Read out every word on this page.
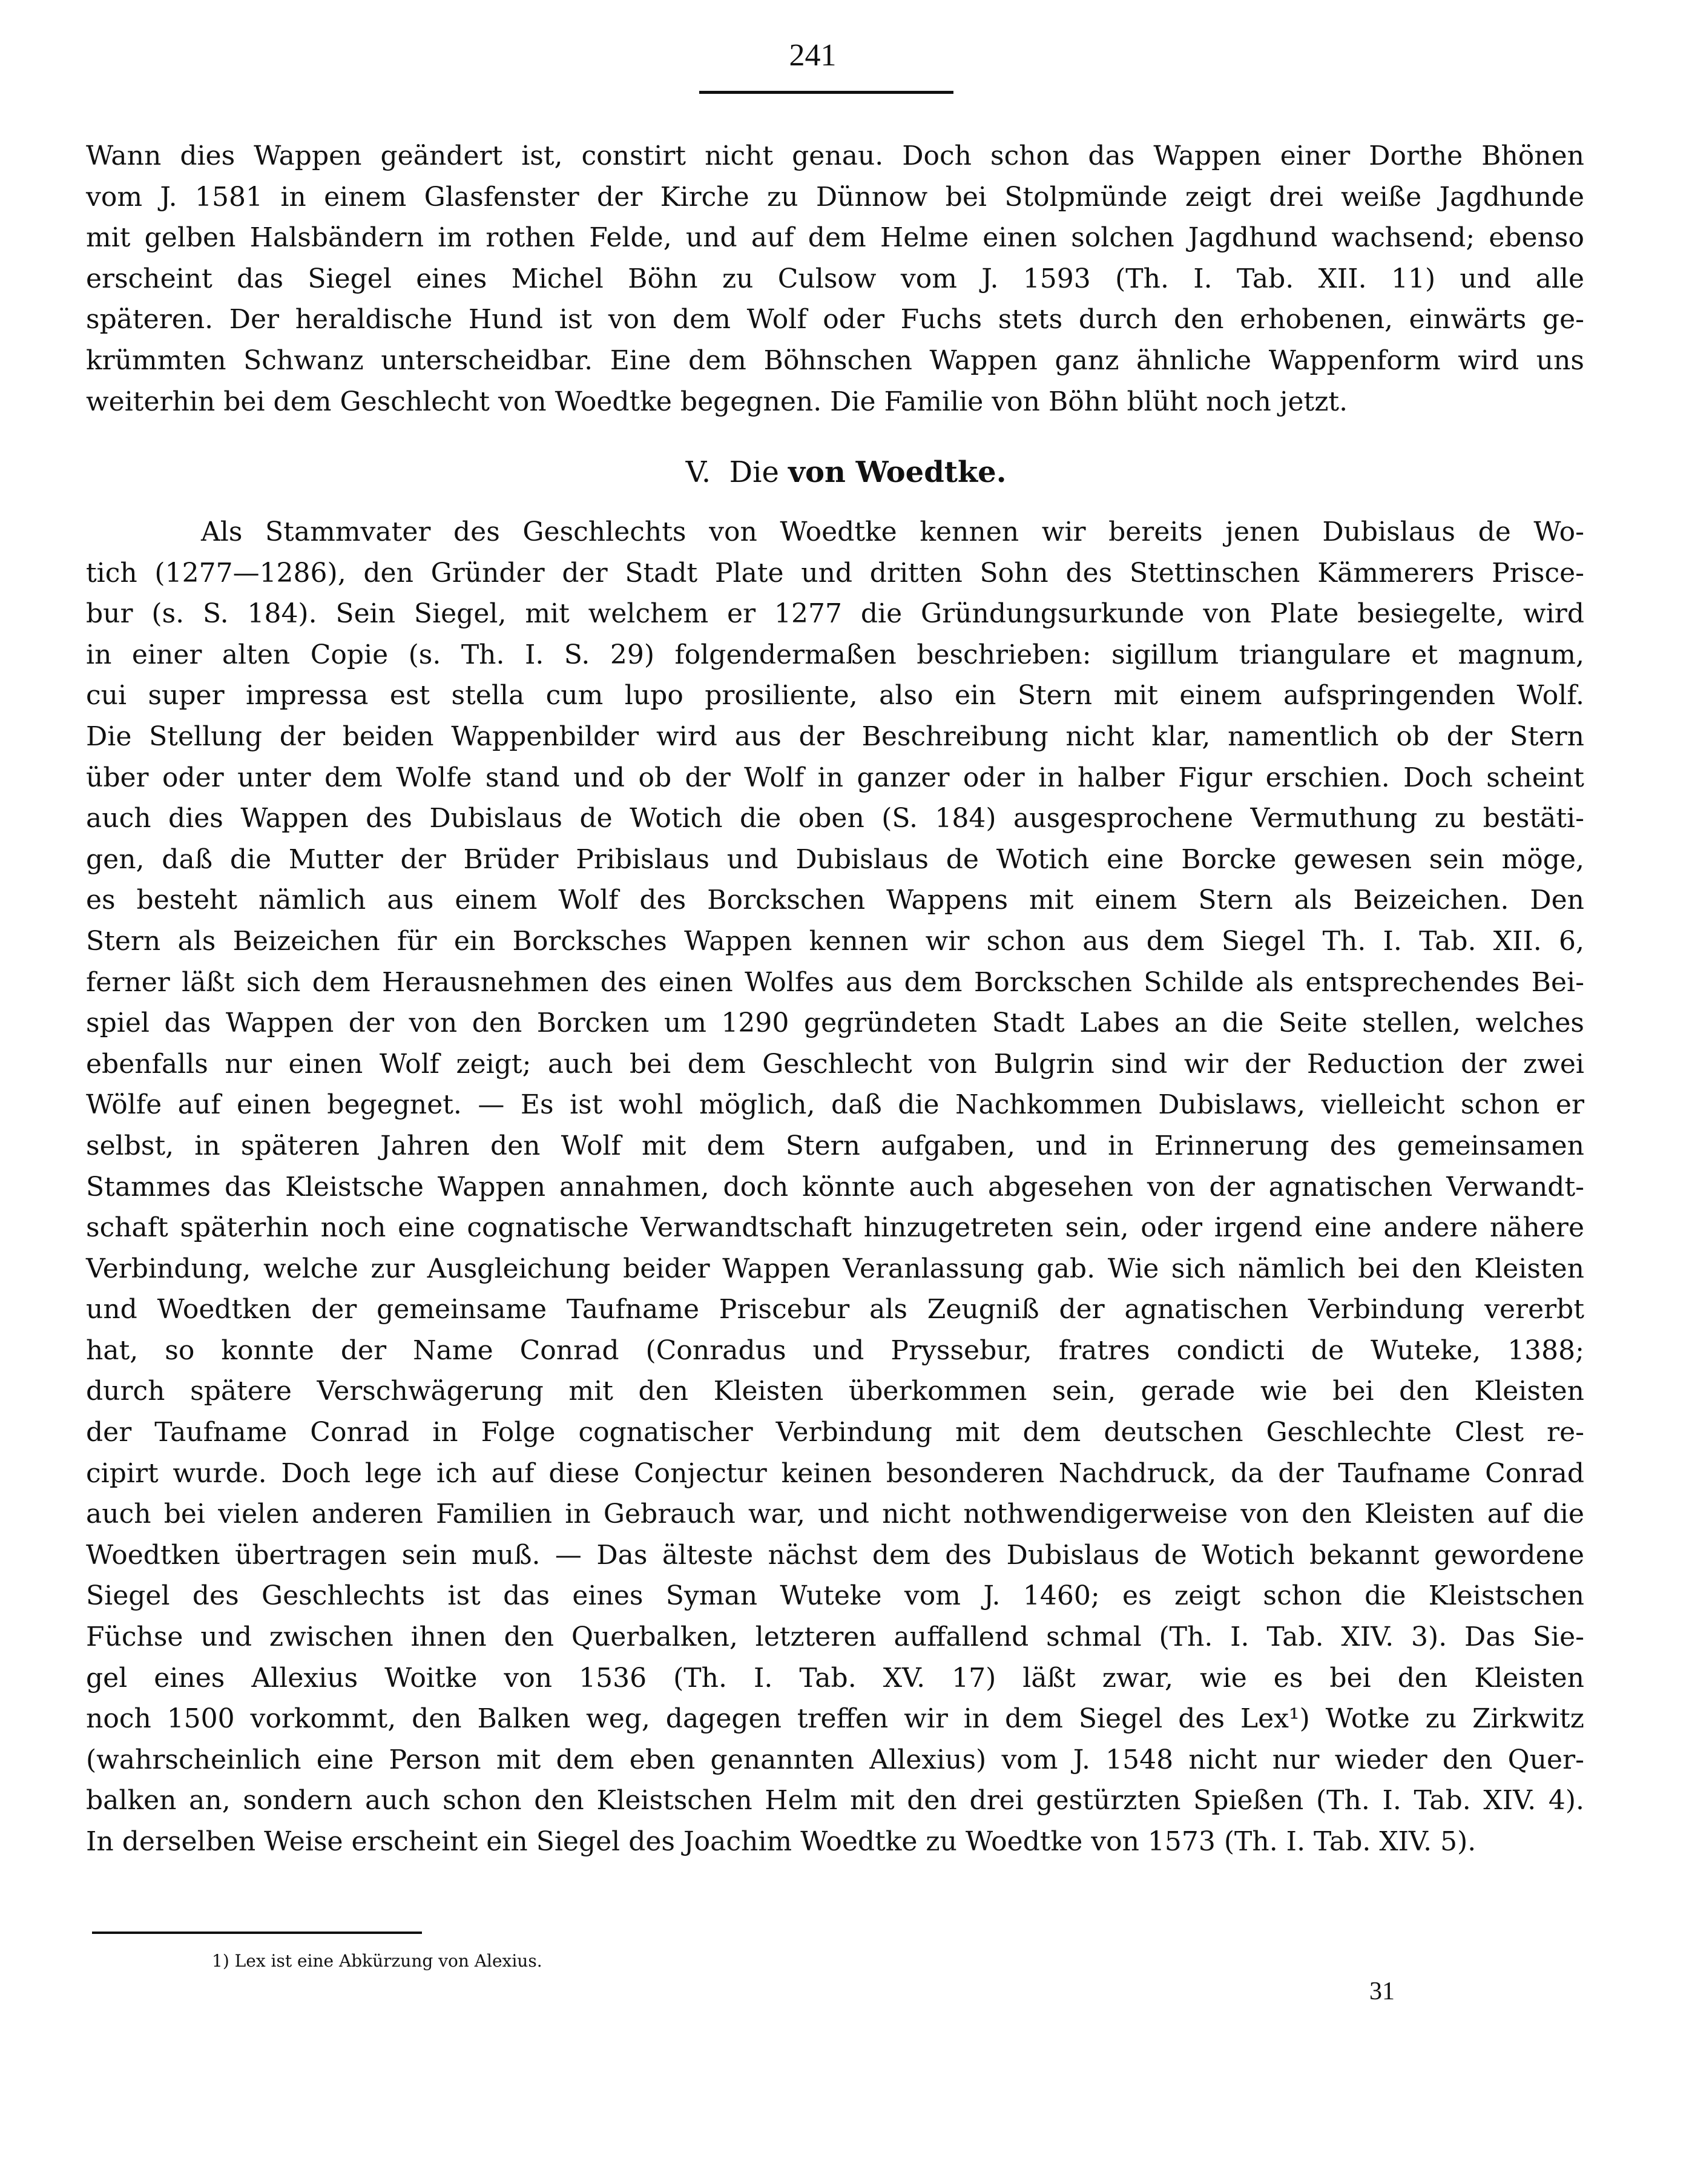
241
Wann dies Wappen geändert ist, constirt nicht genau. Doch schon das Wappen einer Dorthe Bhönen
vom J. 1581 in einem Glasfenster der Kirche zu Dünnow bei Stolpmünde zeigt drei weiße Jagdhunde
mit gelben Halsbändern im rothen Felde, und auf dem Helme einen solchen Jagdhund wachsend; ebenso
erscheint das Siegel eines Michel Böhn zu Culsow vom J. 1593 (Th. I. Tab. XII. 11) und alle
späteren. Der heraldische Hund ist von dem Wolf oder Fuchs stets durch den erhobenen, einwärts ge-
krümmten Schwanz unterscheidbar. Eine dem Böhnschen Wappen ganz ähnliche Wappenform wird uns
weiterhin bei dem Geschlecht von Woedtke begegnen. Die Familie von Böhn blüht noch jetzt.
V. Die von Woedtke.
Als Stammvater des Geschlechts von Woedtke kennen wir bereits jenen Dubislaus de Wo-
tich (1277—1286), den Gründer der Stadt Plate und dritten Sohn des Stettinschen Kämmerers Prisce-
bur (s. S. 184). Sein Siegel, mit welchem er 1277 die Gründungsurkunde von Plate besiegelte, wird
in einer alten Copie (s. Th. I. S. 29) folgendermaßen beschrieben: sigillum triangulare et magnum,
cui super impressa est stella cum lupo prosiliente, also ein Stern mit einem aufspringenden Wolf.
Die Stellung der beiden Wappenbilder wird aus der Beschreibung nicht klar, namentlich ob der Stern
über oder unter dem Wolfe stand und ob der Wolf in ganzer oder in halber Figur erschien. Doch scheint
auch dies Wappen des Dubislaus de Wotich die oben (S. 184) ausgesprochene Vermuthung zu bestäti-
gen, daß die Mutter der Brüder Pribislaus und Dubislaus de Wotich eine Borcke gewesen sein möge,
es besteht nämlich aus einem Wolf des Borckschen Wappens mit einem Stern als Beizeichen. Den
Stern als Beizeichen für ein Borcksches Wappen kennen wir schon aus dem Siegel Th. I. Tab. XII. 6,
ferner läßt sich dem Herausnehmen des einen Wolfes aus dem Borckschen Schilde als entsprechendes Bei-
spiel das Wappen der von den Borcken um 1290 gegründeten Stadt Labes an die Seite stellen, welches
ebenfalls nur einen Wolf zeigt; auch bei dem Geschlecht von Bulgrin sind wir der Reduction der zwei
Wölfe auf einen begegnet. — Es ist wohl möglich, daß die Nachkommen Dubislaws, vielleicht schon er
selbst, in späteren Jahren den Wolf mit dem Stern aufgaben, und in Erinnerung des gemeinsamen
Stammes das Kleistsche Wappen annahmen, doch könnte auch abgesehen von der agnatischen Verwandt-
schaft späterhin noch eine cognatische Verwandtschaft hinzugetreten sein, oder irgend eine andere nähere
Verbindung, welche zur Ausgleichung beider Wappen Veranlassung gab. Wie sich nämlich bei den Kleisten
und Woedtken der gemeinsame Taufname Priscebur als Zeugniß der agnatischen Verbindung vererbt
hat, so konnte der Name Conrad (Conradus und Pryssebur, fratres condicti de Wuteke, 1388;
durch spätere Verschwägerung mit den Kleisten überkommen sein, gerade wie bei den Kleisten
der Taufname Conrad in Folge cognatischer Verbindung mit dem deutschen Geschlechte Clest re-
cipirt wurde. Doch lege ich auf diese Conjectur keinen besonderen Nachdruck, da der Taufname Conrad
auch bei vielen anderen Familien in Gebrauch war, und nicht nothwendigerweise von den Kleisten auf die
Woedtken übertragen sein muß. — Das älteste nächst dem des Dubislaus de Wotich bekannt gewordene
Siegel des Geschlechts ist das eines Syman Wuteke vom J. 1460; es zeigt schon die Kleistschen
Füchse und zwischen ihnen den Querbalken, letzteren auffallend schmal (Th. I. Tab. XIV. 3). Das Sie-
gel eines Allexius Woitke von 1536 (Th. I. Tab. XV. 17) läßt zwar, wie es bei den Kleisten
noch 1500 vorkommt, den Balken weg, dagegen treffen wir in dem Siegel des Lex¹) Wotke zu Zirkwitz
(wahrscheinlich eine Person mit dem eben genannten Allexius) vom J. 1548 nicht nur wieder den Quer-
balken an, sondern auch schon den Kleistschen Helm mit den drei gestürzten Spießen (Th. I. Tab. XIV. 4).
In derselben Weise erscheint ein Siegel des Joachim Woedtke zu Woedtke von 1573 (Th. I. Tab. XIV. 5).
1) Lex ist eine Abkürzung von Alexius.
31
